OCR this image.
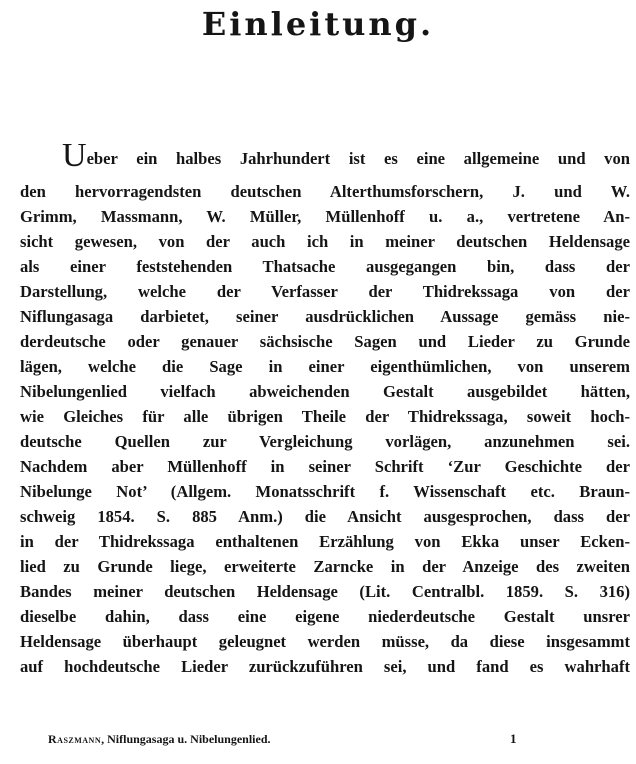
Einleitung.
Ueber ein halbes Jahrhundert ist es eine allgemeine und von
den hervorragendsten deutschen Alterthumsforschern, J. und W.
Grimm, Massmann, W. Müller, Müllenhoff u. a., vertretene An-
sicht gewesen, von der auch ich in meiner deutschen Heldensage
als einer feststehenden Thatsache ausgegangen bin, dass der
Darstellung, welche der Verfasser der Thidrekssaga von der
Niflungasaga darbietet, seiner ausdrücklichen Aussage gemäss nie-
derdeutsche oder genauer sächsische Sagen und Lieder zu Grunde
lägen, welche die Sage in einer eigenthümlichen, von unserem
Nibelungenlied vielfach abweichenden Gestalt ausgebildet hätten,
wie Gleiches für alle übrigen Theile der Thidrekssaga, soweit hoch-
deutsche Quellen zur Vergleichung vorlägen, anzunehmen sei.
Nachdem aber Müllenhoff in seiner Schrift ‘Zur Geschichte der
Nibelunge Not’ (Allgem. Monatsschrift f. Wissenschaft etc. Braun-
schweig 1854. S. 885 Anm.) die Ansicht ausgesprochen, dass der
in der Thidrekssaga enthaltenen Erzählung von Ekka unser Ecken-
lied zu Grunde liege, erweiterte Zarncke in der Anzeige des zweiten
Bandes meiner deutschen Heldensage (Lit. Centralbl. 1859. S. 316)
dieselbe dahin, dass eine eigene niederdeutsche Gestalt unsrer
Heldensage überhaupt geleugnet werden müsse, da diese insgesammt
auf hochdeutsche Lieder zurückzuführen sei, und fand es wahrhaft
Raszmann, Niflungasaga u. Nibelungenlied.	1
